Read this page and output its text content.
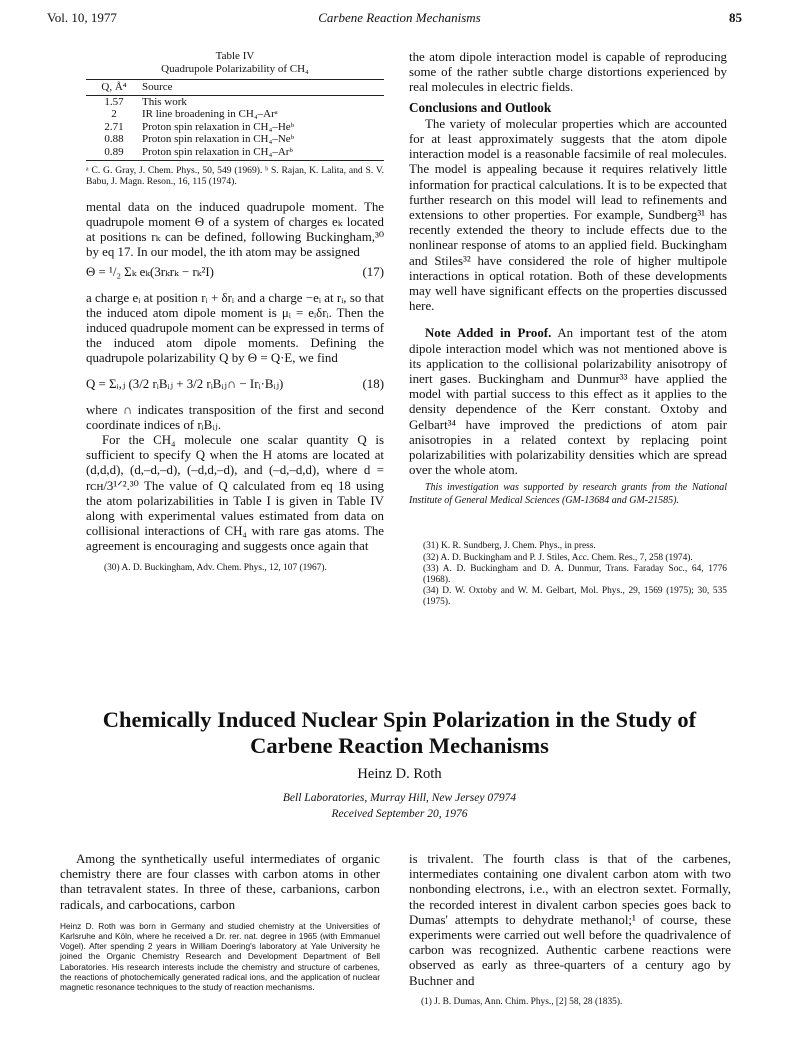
Vol. 10, 1977	Carbene Reaction Mechanisms	85
Table IV
Quadrupole Polarizability of CH₄
Q, Å⁴	Source
1.57	This work
2	IR line broadening in CH₄–Arᵃ
2.71	Proton spin relaxation in CH₄–Heᵇ
0.88	Proton spin relaxation in CH₄–Neᵇ
0.89	Proton spin relaxation in CH₄–Arᵇ

ᵃ C. G. Gray, J. Chem. Phys., 50, 549 (1969). ᵇ S. Rajan, K. Lalita, and S. V. Babu, J. Magn. Reson., 16, 115 (1974).

mental data on the induced quadrupole moment. The quadrupole moment Θ of a system of charges eₖ located at positions rₖ can be defined, following Buckingham,³⁰ by eq 17. In our model, the ith atom may be assigned

Θ = ¹/₂ Σₖ eₖ(3rₖrₖ − rₖ²I)	(17)

a charge eᵢ at position rᵢ + δrᵢ and a charge −eᵢ at rᵢ, so that the induced atom dipole moment is μᵢ = eᵢδrᵢ. Then the induced quadrupole moment can be expressed in terms of the induced atom dipole moments. Defining the quadrupole polarizability Q by Θ = Q·E, we find

Q = Σᵢ,ⱼ (3/2 rᵢBᵢⱼ + 3/2 rᵢBᵢⱼ∩ − Irᵢ·Bᵢⱼ)	(18)

where ∩ indicates transposition of the first and second coordinate indices of rᵢBᵢⱼ.

For the CH₄ molecule one scalar quantity Q is sufficient to specify Q when the H atoms are located at (d,d,d), (d,–d,–d), (–d,d,–d), and (–d,–d,d), where d = rᴄʜ/3¹ᐟ².³⁰ The value of Q calculated from eq 18 using the atom polarizabilities in Table I is given in Table IV along with experimental values estimated from data on collisional interactions of CH₄ with rare gas atoms. The agreement is encouraging and suggests once again that

(30) A. D. Buckingham, Adv. Chem. Phys., 12, 107 (1967).

the atom dipole interaction model is capable of reproducing some of the rather subtle charge distortions experienced by real molecules in electric fields.

Conclusions and Outlook

The variety of molecular properties which are accounted for at least approximately suggests that the atom dipole interaction model is a reasonable facsimile of real molecules. The model is appealing because it requires relatively little information for practical calculations. It is to be expected that further research on this model will lead to refinements and extensions to other properties. For example, Sundberg³¹ has recently extended the theory to include effects due to the nonlinear response of atoms to an applied field. Buckingham and Stiles³² have considered the role of higher multipole interactions in optical rotation. Both of these developments may well have significant effects on the properties discussed here.

Note Added in Proof. An important test of the atom dipole interaction model which was not mentioned above is its application to the collisional polarizability anisotropy of inert gases. Buckingham and Dunmur³³ have applied the model with partial success to this effect as it applies to the density dependence of the Kerr constant. Oxtoby and Gelbart³⁴ have improved the predictions of atom pair anisotropies in a related context by replacing point polarizabilities with polarizability densities which are spread over the whole atom.

This investigation was supported by research grants from the National Institute of General Medical Sciences (GM-13684 and GM-21585).

(31) K. R. Sundberg, J. Chem. Phys., in press.

(32) A. D. Buckingham and P. J. Stiles, Acc. Chem. Res., 7, 258 (1974).

(33) A. D. Buckingham and D. A. Dunmur, Trans. Faraday Soc., 64, 1776 (1968).

(34) D. W. Oxtoby and W. M. Gelbart, Mol. Phys., 29, 1569 (1975); 30, 535 (1975).

Chemically Induced Nuclear Spin Polarization in the Study of
Carbene Reaction Mechanisms
Heinz D. Roth
Bell Laboratories, Murray Hill, New Jersey 07974
Received September 20, 1976

Among the synthetically useful intermediates of organic chemistry there are four classes with carbon atoms in other than tetravalent states. In three of these, carbanions, carbon radicals, and carbocations, carbon

Heinz D. Roth was born in Germany and studied chemistry at the Universities of Karlsruhe and Köln, where he received a Dr. rer. nat. degree in 1965 (with Emmanuel Vogel). After spending 2 years in William Doering's laboratory at Yale University he joined the Organic Chemistry Research and Development Department of Bell Laboratories. His research interests include the chemistry and structure of carbenes, the reactions of photochemically generated radical ions, and the application of nuclear magnetic resonance techniques to the study of reaction mechanisms.

is trivalent. The fourth class is that of the carbenes, intermediates containing one divalent carbon atom with two nonbonding electrons, i.e., with an electron sextet. Formally, the recorded interest in divalent carbon species goes back to Dumas' attempts to dehydrate methanol;¹ of course, these experiments were carried out well before the quadrivalence of carbon was recognized. Authentic carbene reactions were observed as early as three-quarters of a century ago by Buchner and

(1) J. B. Dumas, Ann. Chim. Phys., [2] 58, 28 (1835).
